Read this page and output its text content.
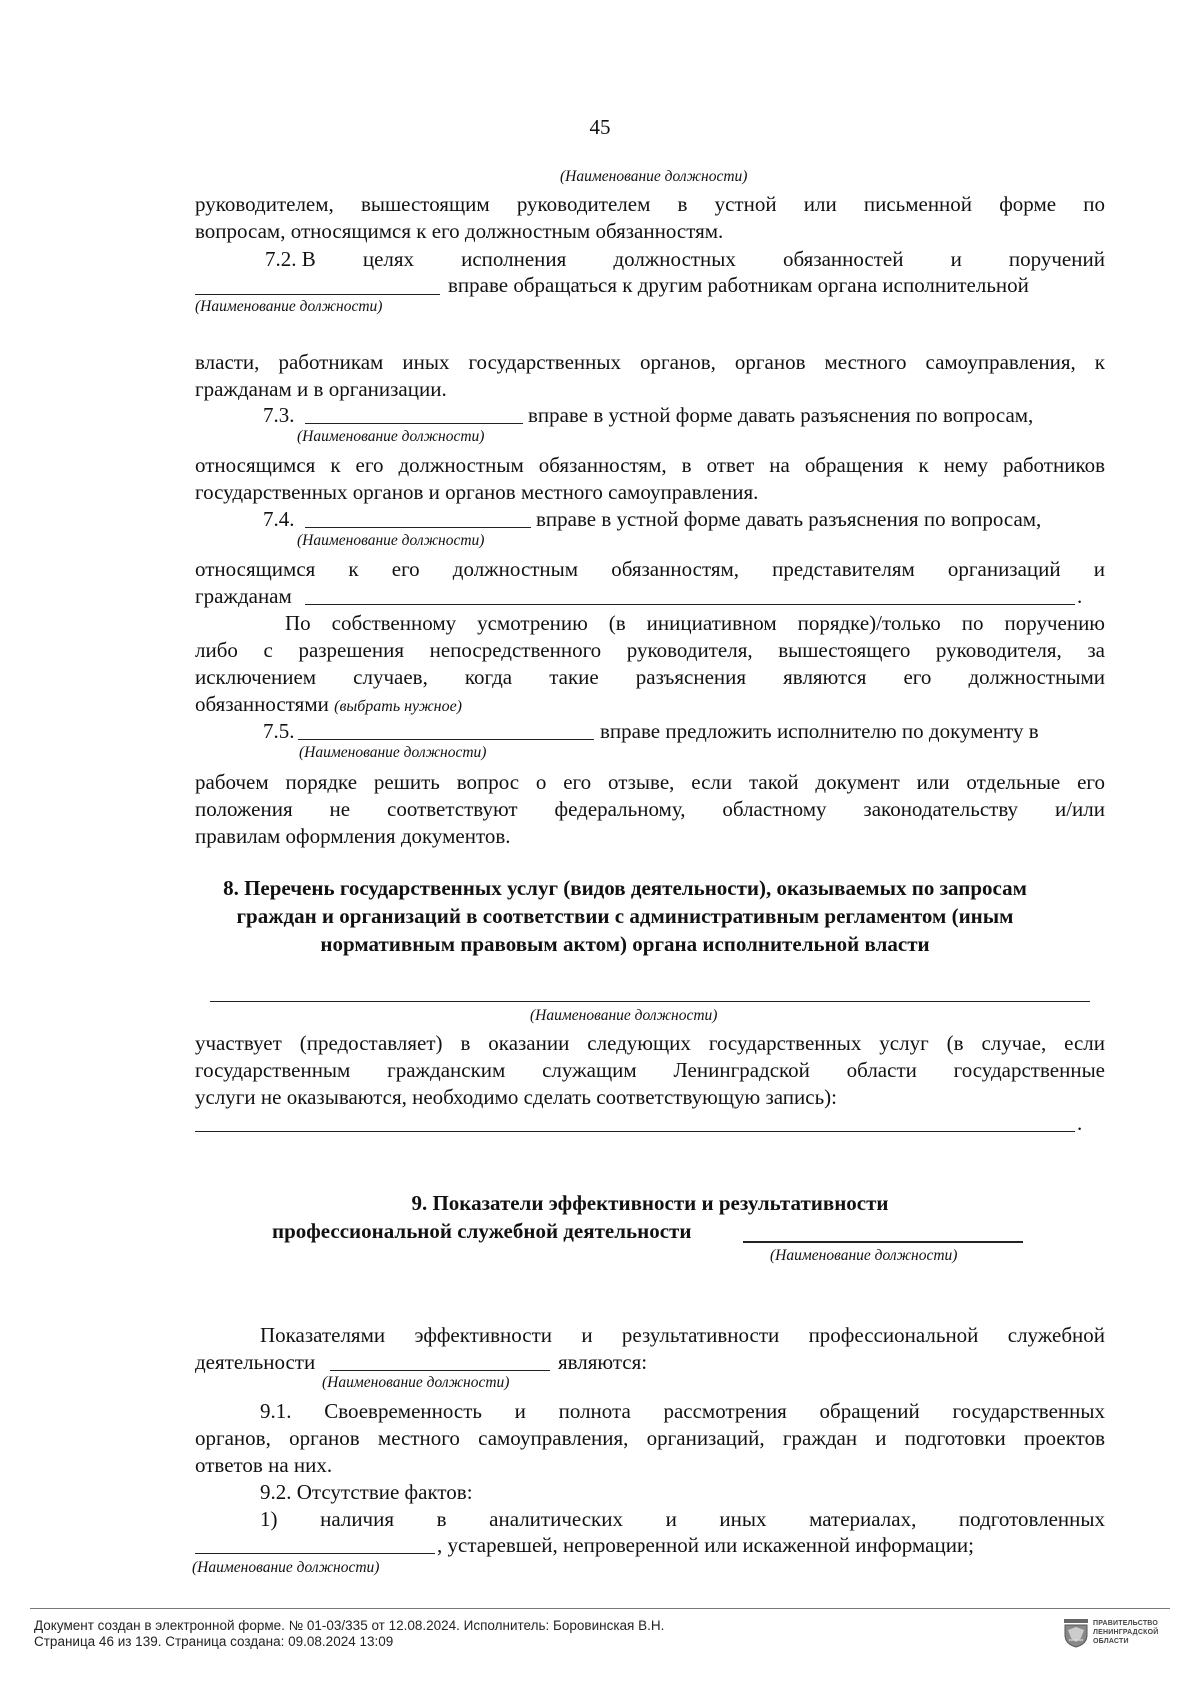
45
(Наименование должности)
руководителем, вышестоящим руководителем в устной или письменной форме по
вопросам, относящимся к его должностным обязанностям.
7.2. В целях исполнения должностных обязанностей и поручений
вправе обращаться к другим работникам органа исполнительной
(Наименование должности)
власти, работникам иных государственных органов, органов местного самоуправления, к
гражданам и в организации.
7.3.	вправе в устной форме давать разъяснения по вопросам,
(Наименование должности)
относящимся к его должностным обязанностям, в ответ на обращения к нему работников
государственных органов и органов местного самоуправления.
7.4.	вправе в устной форме давать разъяснения по вопросам,
(Наименование должности)
относящимся к его должностным обязанностям, представителям организаций и
гражданам	.
По собственному усмотрению (в инициативном порядке)/только по поручению
либо с разрешения непосредственного руководителя, вышестоящего руководителя, за
исключением случаев, когда такие разъяснения являются его должностными
обязанностями (выбрать нужное)
7.5.	вправе предложить исполнителю по документу в
(Наименование должности)
рабочем порядке решить вопрос о его отзыве, если такой документ или отдельные его
положения не соответствуют федеральному, областному законодательству и/или
правилам оформления документов.
8. Перечень государственных услуг (видов деятельности), оказываемых по запросам
граждан и организаций в соответствии с административным регламентом (иным
нормативным правовым актом) органа исполнительной власти
(Наименование должности)
участвует (предоставляет) в оказании следующих государственных услуг (в случае, если
государственным гражданским служащим Ленинградской области государственные
услуги не оказываются, необходимо сделать соответствующую запись):
.
9. Показатели эффективности и результативности
профессиональной служебной деятельности
(Наименование должности)
Показателями эффективности и результативности профессиональной служебной
деятельности	являются:
(Наименование должности)
9.1. Своевременность и полнота рассмотрения обращений государственных
органов, органов местного самоуправления, организаций, граждан и подготовки проектов
ответов на них.
9.2. Отсутствие фактов:
1) наличия в аналитических и иных материалах, подготовленных
, устаревшей, непроверенной или искаженной информации;
(Наименование должности)
Документ создан в электронной форме. № 01-03/335 от 12.08.2024. Исполнитель: Боровинская В.Н.
Страница 46 из 139. Страница создана: 09.08.2024 13:09
ПРАВИТЕЛЬСТВО
ЛЕНИНГРАДСКОЙ
ОБЛАСТИ
